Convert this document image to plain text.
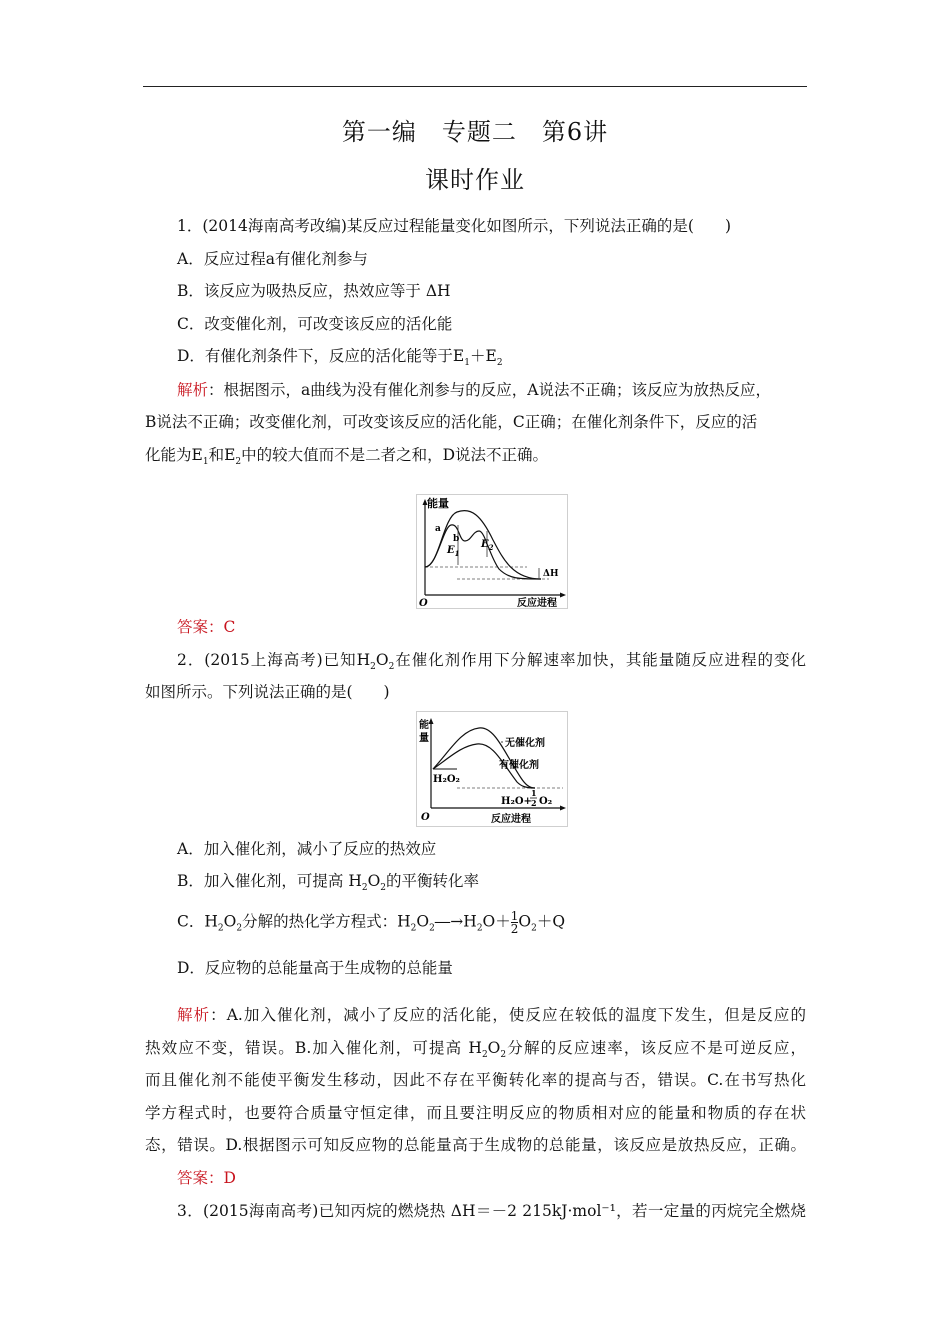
第一编　专题二　第6讲
课时作业
1．(2014海南高考改编)某反应过程能量变化如图所示，下列说法正确的是(　　)
A．反应过程a有催化剂参与
B．该反应为吸热反应，热效应等于 ΔH
C．改变催化剂，可改变该反应的活化能
D．有催化剂条件下，反应的活化能等于$E_1+E_2$
解析：根据图示，a曲线为没有催化剂参与的反应，A说法不正确；该反应为放热反应，
B说法不正确；改变催化剂，可改变该反应的活化能，C正确；在催化剂条件下，反应的活
化能为$E_1$和$E_2$中的较大值而不是二者之和，D说法不正确。
能量
a
b
$E_1$
$E_2$
ΔH
O	反应进程
答案：C
2．(2015上海高考)已知$H_2O_2$在催化剂作用下分解速率加快，其能量随反应进程的变化
如图所示。下列说法正确的是(　　)
能
量	无催化剂
有催化剂
H₂O₂
H₂O+
1
2 O₂
O	反应进程
A．加入催化剂，减小了反应的热效应
B．加入催化剂，可提高 $H_2O_2$的平衡转化率
C．$H_2O_2$分解的热化学方程式：$H_2O_2―\to H_2O+ \frac{1}{2} O_2+Q$
D．反应物的总能量高于生成物的总能量
解析：A.加入催化剂，减小了反应的活化能，使反应在较低的温度下发生，但是反应的
热效应不变，错误。B.加入催化剂，可提高 $H_2O_2$分解的反应速率，该反应不是可逆反应，
而且催化剂不能使平衡发生移动，因此不存在平衡转化率的提高与否，错误。C.在书写热化
学方程式时，也要符合质量守恒定律，而且要注明反应的物质相对应的能量和物质的存在状
态，错误。D.根据图示可知反应物的总能量高于生成物的总能量，该反应是放热反应，正确。
答案：D
3．(2015海南高考)已知丙烷的燃烧热 ΔH＝－2 215kJ·mol⁻¹，若一定量的丙烷完全燃烧
